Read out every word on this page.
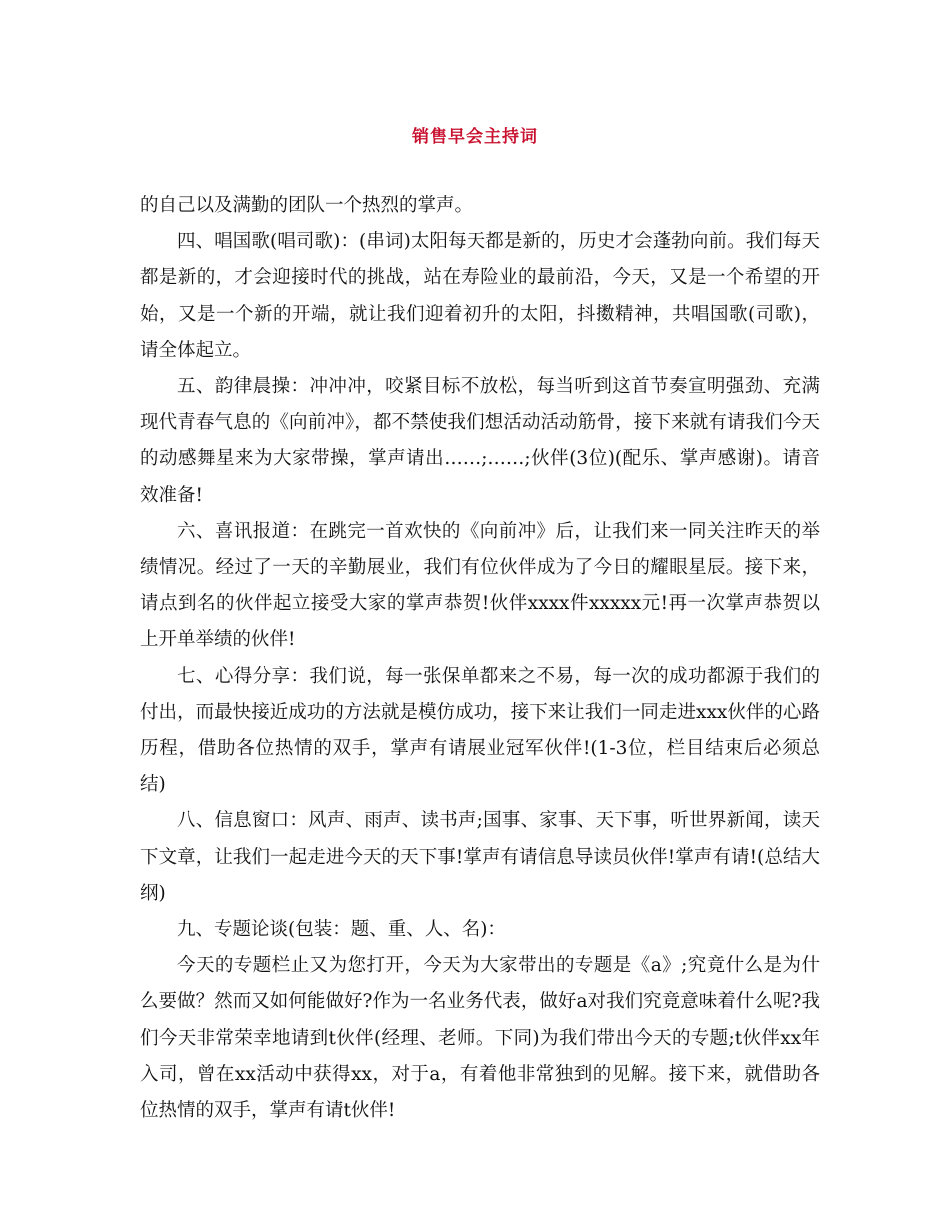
销售早会主持词

的自己以及满勤的团队一个热烈的掌声。

四、唱国歌(唱司歌)：(串词)太阳每天都是新的，历史才会蓬勃向前。我们每天都是新的，才会迎接时代的挑战，站在寿险业的最前沿，今天，又是一个希望的开始，又是一个新的开端，就让我们迎着初升的太阳，抖擞精神，共唱国歌(司歌)，请全体起立。

五、韵律晨操：冲冲冲，咬紧目标不放松，每当听到这首节奏宣明强劲、充满现代青春气息的《向前冲》，都不禁使我们想活动活动筋骨，接下来就有请我们今天的动感舞星来为大家带操，掌声请出……;……;伙伴(3位)(配乐、掌声感谢)。请音效准备!

六、喜讯报道：在跳完一首欢快的《向前冲》后，让我们来一同关注昨天的举绩情况。经过了一天的辛勤展业，我们有位伙伴成为了今日的耀眼星辰。接下来，请点到名的伙伴起立接受大家的掌声恭贺!伙伴xxxx件xxxxx元!再一次掌声恭贺以上开单举绩的伙伴!

七、心得分享：我们说，每一张保单都来之不易，每一次的成功都源于我们的付出，而最快接近成功的方法就是模仿成功，接下来让我们一同走进xxx伙伴的心路历程，借助各位热情的双手，掌声有请展业冠军伙伴!(1-3位，栏目结束后必须总结)

八、信息窗口：风声、雨声、读书声;国事、家事、天下事，听世界新闻，读天下文章，让我们一起走进今天的天下事!掌声有请信息导读员伙伴!掌声有请!(总结大纲)

九、专题论谈(包装：题、重、人、名)：

今天的专题栏止又为您打开，今天为大家带出的专题是《a》;究竟什么是为什么要做？然而又如何能做好?作为一名业务代表，做好a对我们究竟意味着什么呢?我们今天非常荣幸地请到t伙伴(经理、老师。下同)为我们带出今天的专题;t伙伴xx年入司，曾在xx活动中获得xx，对于a，有着他非常独到的见解。接下来，就借助各位热情的双手，掌声有请t伙伴!
